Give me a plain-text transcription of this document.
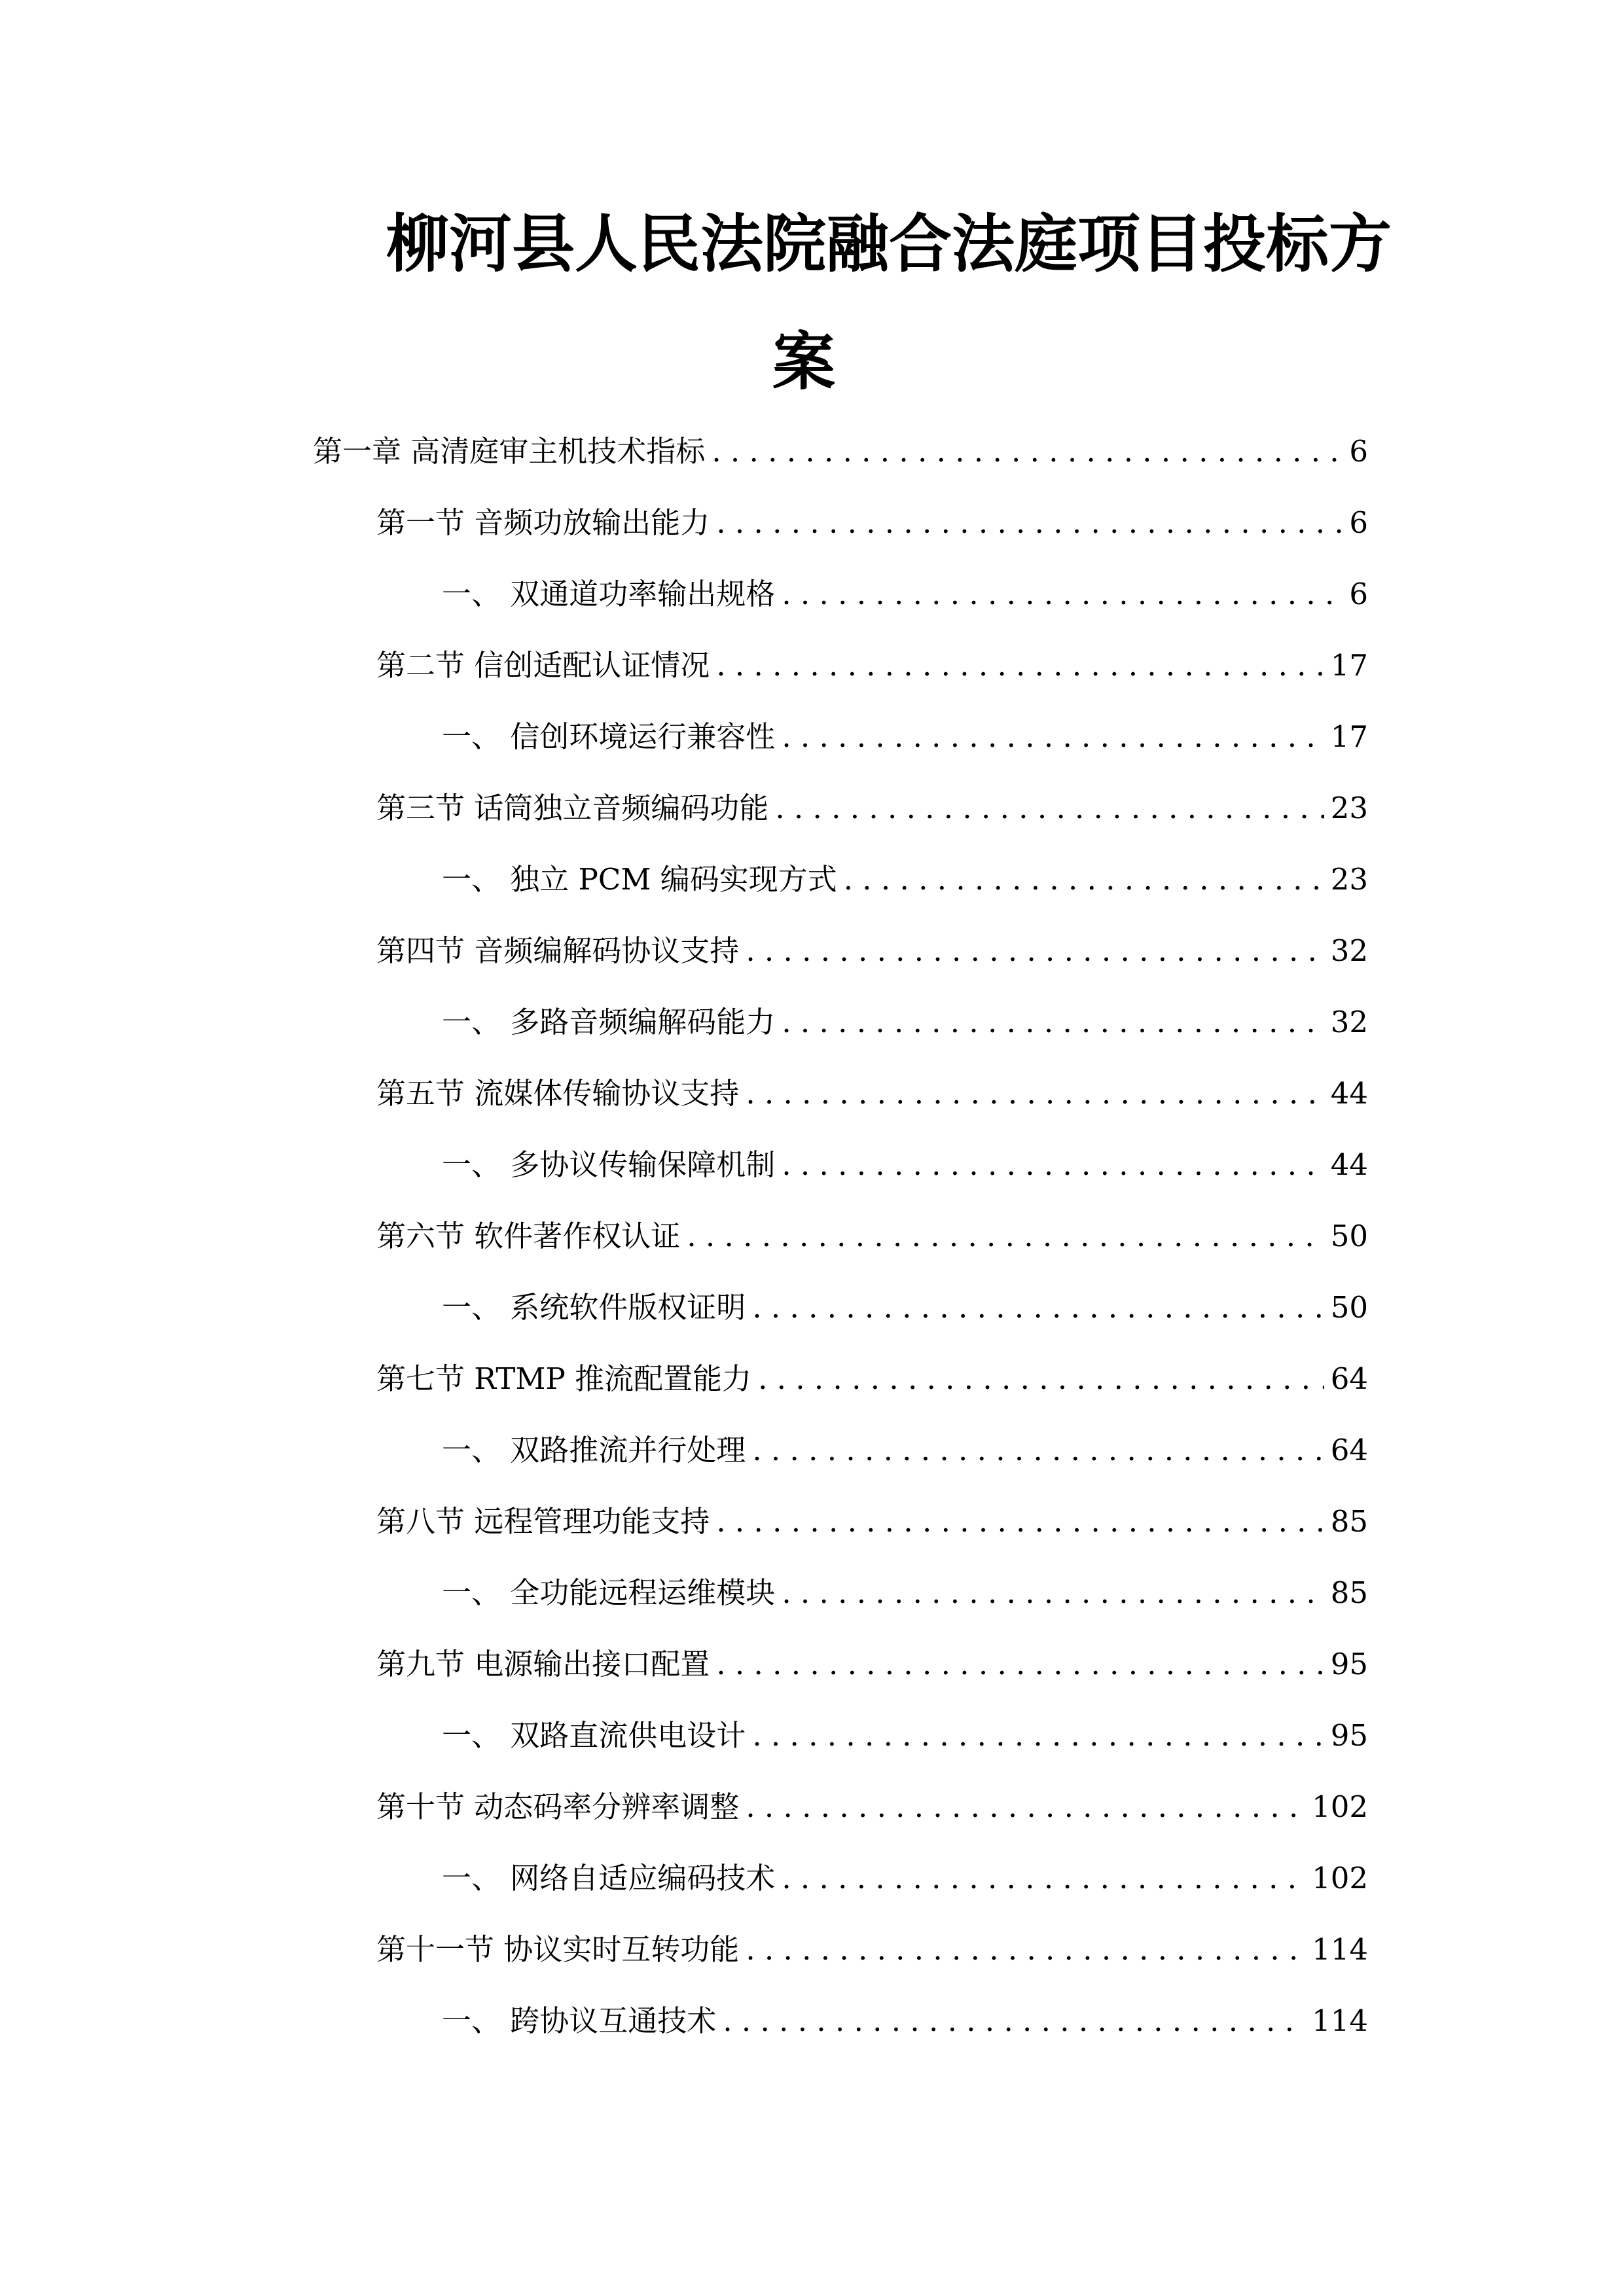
柳河县人民法院融合法庭项目投标方
案
第一章 高清庭审主机技术指标 . . .	6
第一节 音频功放输出能力 . . .	6
一、 双通道功率输出规格 . . .	6
第二节 信创适配认证情况 . . .	17
一、 信创环境运行兼容性 . . .	17
第三节 话筒独立音频编码功能 . . .	23
一、 独立 PCM 编码实现方式 . . .	23
第四节 音频编解码协议支持 . . .	32
一、 多路音频编解码能力 . . .	32
第五节 流媒体传输协议支持 . . .	44
一、 多协议传输保障机制 . . .	44
第六节 软件著作权认证 . . .	50
一、 系统软件版权证明 . . .	50
第七节 RTMP 推流配置能力 . . .	64
一、 双路推流并行处理 . . .	64
第八节 远程管理功能支持 . . .	85
一、 全功能远程运维模块 . . .	85
第九节 电源输出接口配置 . . .	95
一、 双路直流供电设计 . . .	95
第十节 动态码率分辨率调整 . . .	102
一、 网络自适应编码技术 . . .	102
第十一节 协议实时互转功能 . . .	114
一、 跨协议互通技术 . . .	114
